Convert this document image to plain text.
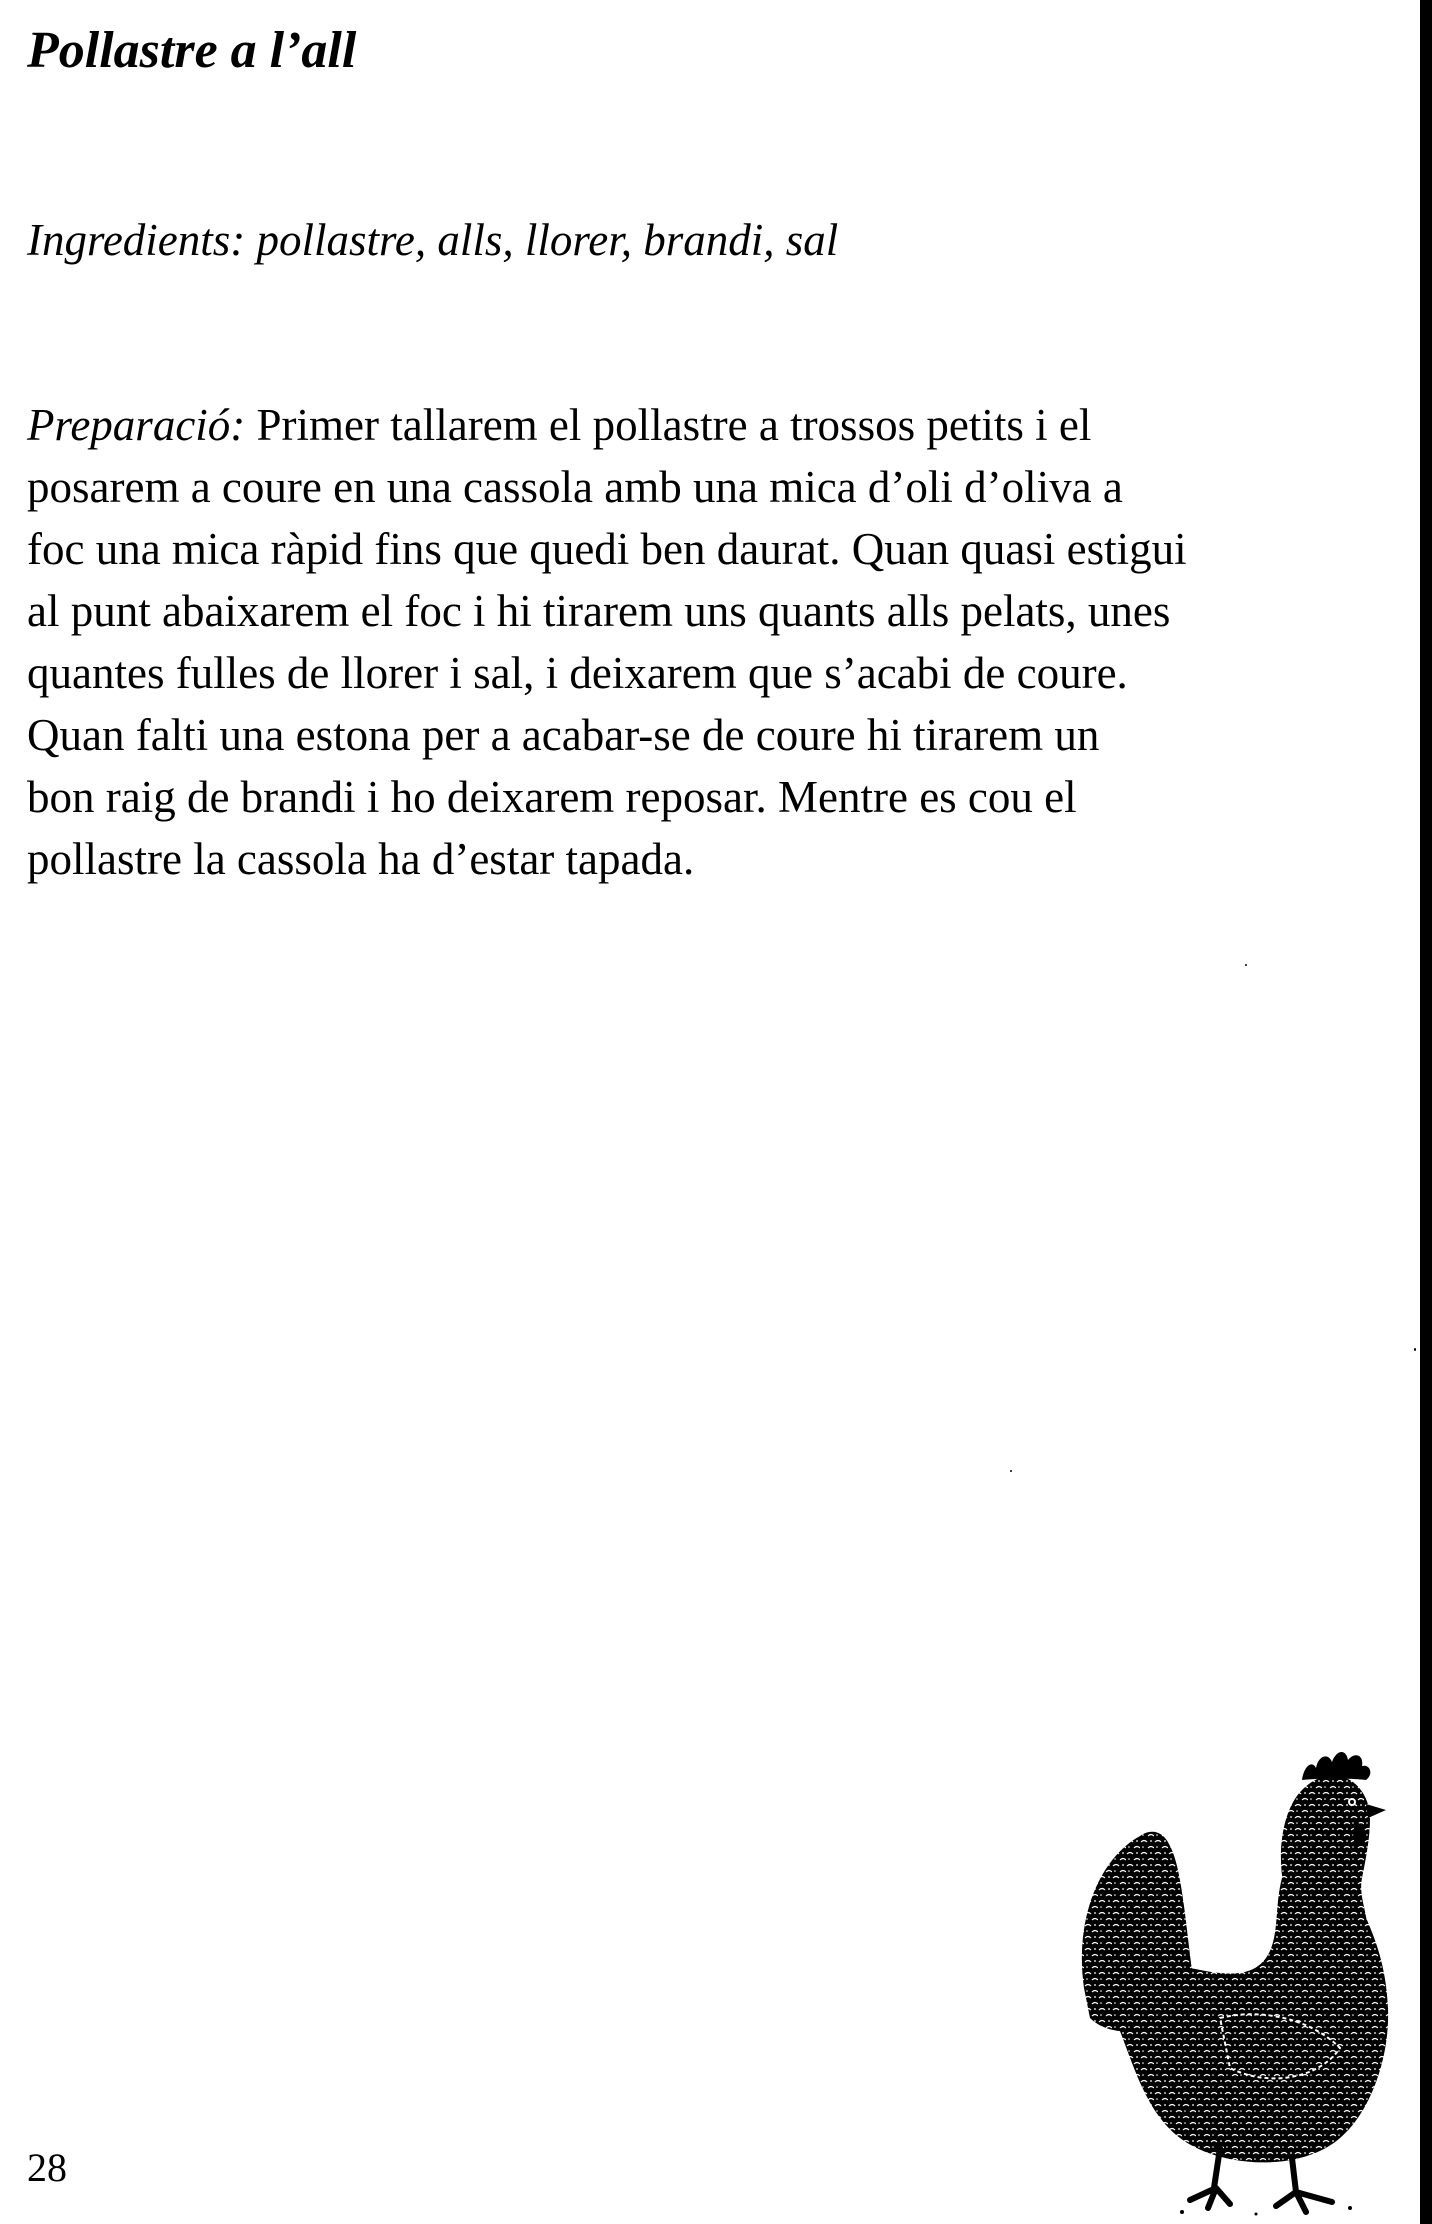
Pollastre a l’all

Ingredients: pollastre, alls, llorer, brandi, sal

Preparació: Primer tallarem el pollastre a trossos petits i el
posarem a coure en una cassola amb una mica d’oli d’oliva a
foc una mica ràpid fins que quedi ben daurat. Quan quasi estigui
al punt abaixarem el foc i hi tirarem uns quants alls pelats, unes
quantes fulles de llorer i sal, i deixarem que s’acabi de coure.
Quan falti una estona per a acabar-se de coure hi tirarem un
bon raig de brandi i ho deixarem reposar. Mentre es cou el
pollastre la cassola ha d’estar tapada.

28
